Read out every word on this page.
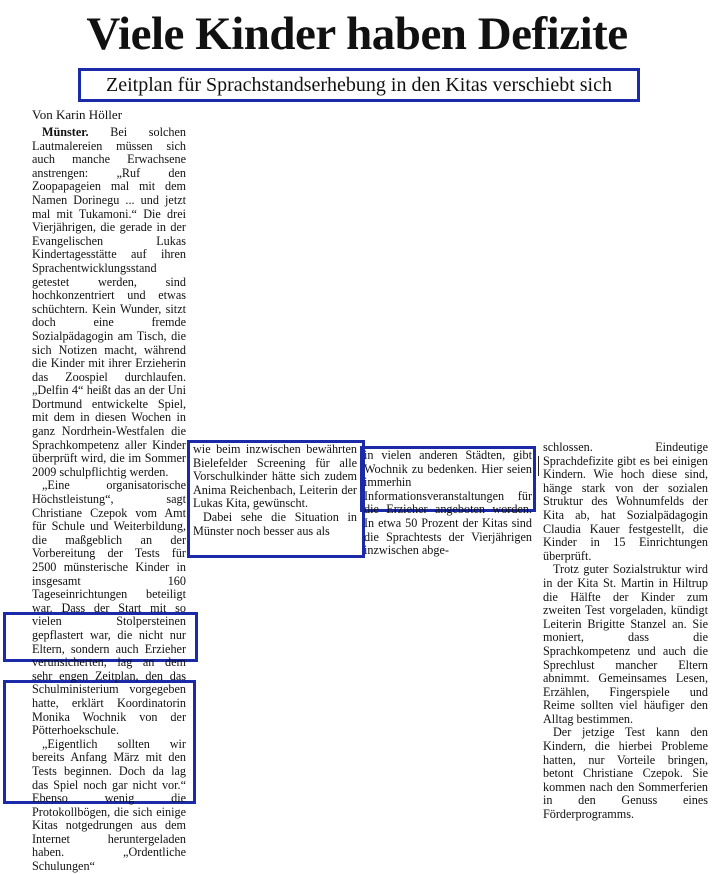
Viele Kinder haben Defizite
Zeitplan für Sprachstandserhebung in den Kitas verschiebt sich
Von Karin Höller

Münster. Bei solchen Lautmalereien müssen sich auch manche Erwachsene anstrengen: „Ruf den Zoopapageien mal mit dem Namen Dorinegu ... und jetzt mal mit Tukamoni.“ Die drei Vierjährigen, die gerade in der Evangelischen Lukas Kindertagesstätte auf ihren Sprachentwicklungsstand getestet werden, sind hochkonzentriert und etwas schüchtern. Kein Wunder, sitzt doch eine fremde Sozialpädagogin am Tisch, die sich Notizen macht, während die Kinder mit ihrer Erzieherin das Zoospiel durchlaufen. „Delfin 4“ heißt das an der Uni Dortmund entwickelte Spiel, mit dem in diesen Wochen in ganz Nordrhein-Westfalen die Sprachkompetenz aller Kinder überprüft wird, die im Sommer 2009 schulpflichtig werden.

„Eine organisatorische Höchstleistung“, sagt Christiane Czepok vom Amt für Schule und Weiterbildung, die maßgeblich an der Vorbereitung der Tests für 2500 münsterische Kinder in insgesamt 160 Tageseinrichtungen beteiligt war. Dass der Start mit so vielen Stolpersteinen gepflastert war, die nicht nur Eltern, sondern auch Erzieher verunsicherten, lag an dem sehr engen Zeitplan, den das Schulministerium vorgegeben hatte, erklärt Koordinatorin Monika Wochnik von der Pötterhoekschule.

„Eigentlich sollten wir bereits Anfang März mit den Tests beginnen. Doch da lag das Spiel noch gar nicht vor.“ Ebenso wenig die Protokollbögen, die sich einige Kitas notgedrungen aus dem Internet heruntergeladen haben. „Ordentliche Schulungen“

wie beim inzwischen bewährten Bielefelder Screening für alle Vorschulkinder hätte sich zudem Anima Reichenbach, Leiterin der Lukas Kita, gewünscht.

Dabei sehe die Situation in Münster noch besser aus als

in vielen anderen Städten, gibt Wochnik zu bedenken. Hier seien immerhin Informationsveranstaltungen für die Erzieher angeboten worden. In etwa 50 Prozent der Kitas sind die Sprachtests der Vierjährigen inzwischen abge-

schlossen. Eindeutige Sprachdefizite gibt es bei einigen Kindern. Wie hoch diese sind, hänge stark von der sozialen Struktur des Wohnumfelds der Kita ab, hat Sozialpädagogin Claudia Kauer festgestellt, die Kinder in 15 Einrichtungen überprüft.

Trotz guter Sozialstruktur wird in der Kita St. Martin in Hiltrup die Hälfte der Kinder zum zweiten Test vorgeladen, kündigt Leiterin Brigitte Stanzel an. Sie moniert, dass die Sprachkompetenz und auch die Sprechlust mancher Eltern abnimmt. Gemeinsames Lesen, Erzählen, Fingerspiele und Reime sollten viel häufiger den Alltag bestimmen.

Der jetzige Test kann den Kindern, die hierbei Probleme hatten, nur Vorteile bringen, betont Christiane Czepok. Sie kommen nach den Sommerferien in den Genuss eines Förderprogramms.
